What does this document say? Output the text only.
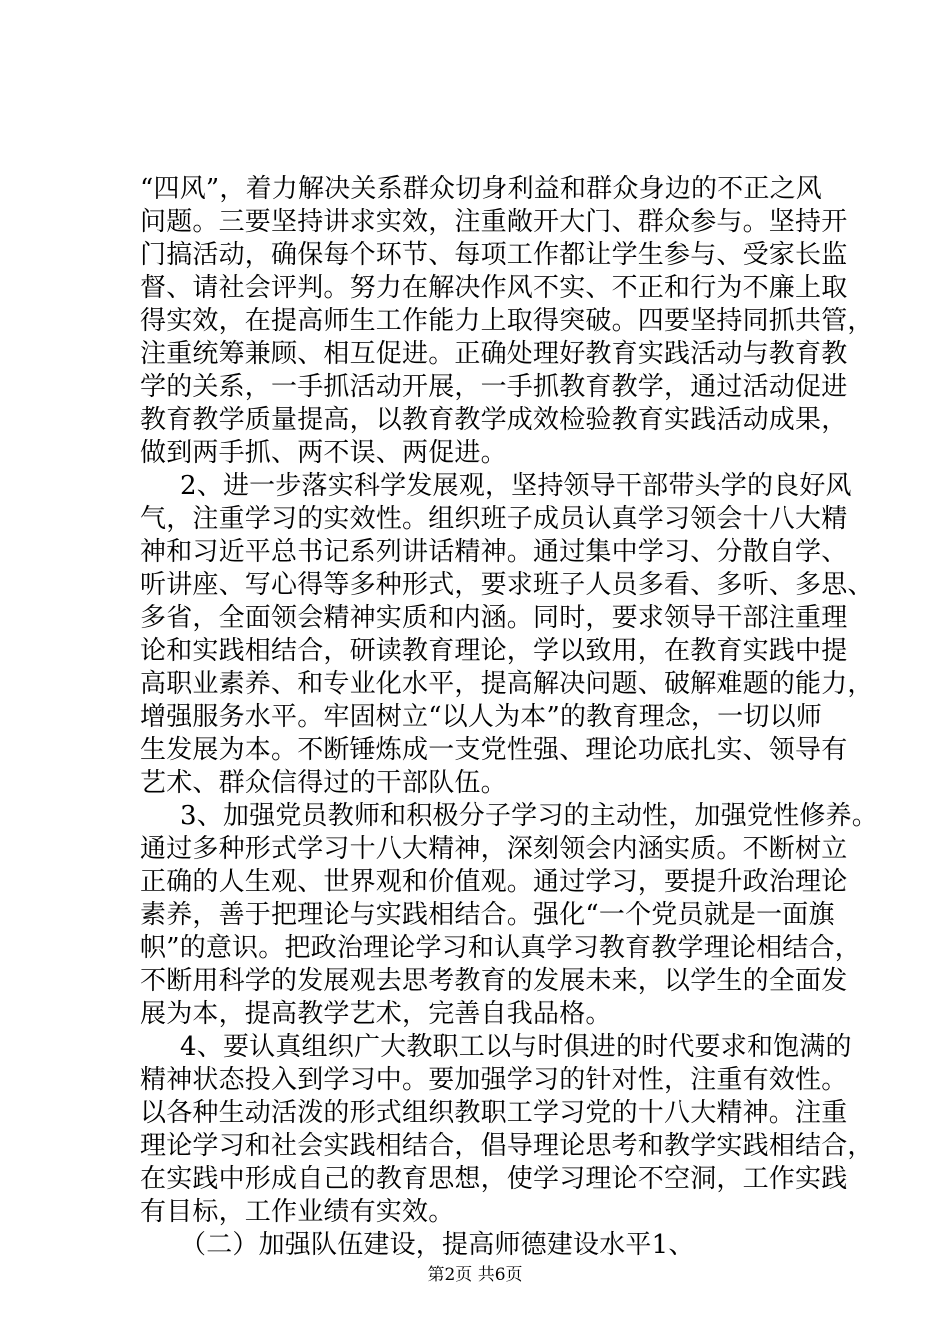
“四风”，着力解决关系群众切身利益和群众身边的不正之风
问题。三要坚持讲求实效，注重敞开大门、群众参与。坚持开
门搞活动，确保每个环节、每项工作都让学生参与、受家长监
督、请社会评判。努力在解决作风不实、不正和行为不廉上取
得实效，在提高师生工作能力上取得突破。四要坚持同抓共管，
注重统筹兼顾、相互促进。正确处理好教育实践活动与教育教
学的关系，一手抓活动开展，一手抓教育教学，通过活动促进
教育教学质量提高，以教育教学成效检验教育实践活动成果，
做到两手抓、两不误、两促进。
2、进一步落实科学发展观，坚持领导干部带头学的良好风
气，注重学习的实效性。组织班子成员认真学习领会十八大精
神和习近平总书记系列讲话精神。通过集中学习、分散自学、
听讲座、写心得等多种形式，要求班子人员多看、多听、多思、
多省，全面领会精神实质和内涵。同时，要求领导干部注重理
论和实践相结合，研读教育理论，学以致用，在教育实践中提
高职业素养、和专业化水平，提高解决问题、破解难题的能力，
增强服务水平。牢固树立“以人为本”的教育理念，一切以师
生发展为本。不断锤炼成一支党性强、理论功底扎实、领导有
艺术、群众信得过的干部队伍。
3、加强党员教师和积极分子学习的主动性，加强党性修养。
通过多种形式学习十八大精神，深刻领会内涵实质。不断树立
正确的人生观、世界观和价值观。通过学习，要提升政治理论
素养，善于把理论与实践相结合。强化“一个党员就是一面旗
帜”的意识。把政治理论学习和认真学习教育教学理论相结合，
不断用科学的发展观去思考教育的发展未来，以学生的全面发
展为本，提高教学艺术，完善自我品格。
4、要认真组织广大教职工以与时俱进的时代要求和饱满的
精神状态投入到学习中。要加强学习的针对性，注重有效性。
以各种生动活泼的形式组织教职工学习党的十八大精神。注重
理论学习和社会实践相结合，倡导理论思考和教学实践相结合，
在实践中形成自己的教育思想，使学习理论不空洞，工作实践
有目标，工作业绩有实效。
（二）加强队伍建设，提高师德建设水平1、
第2页 共6页
